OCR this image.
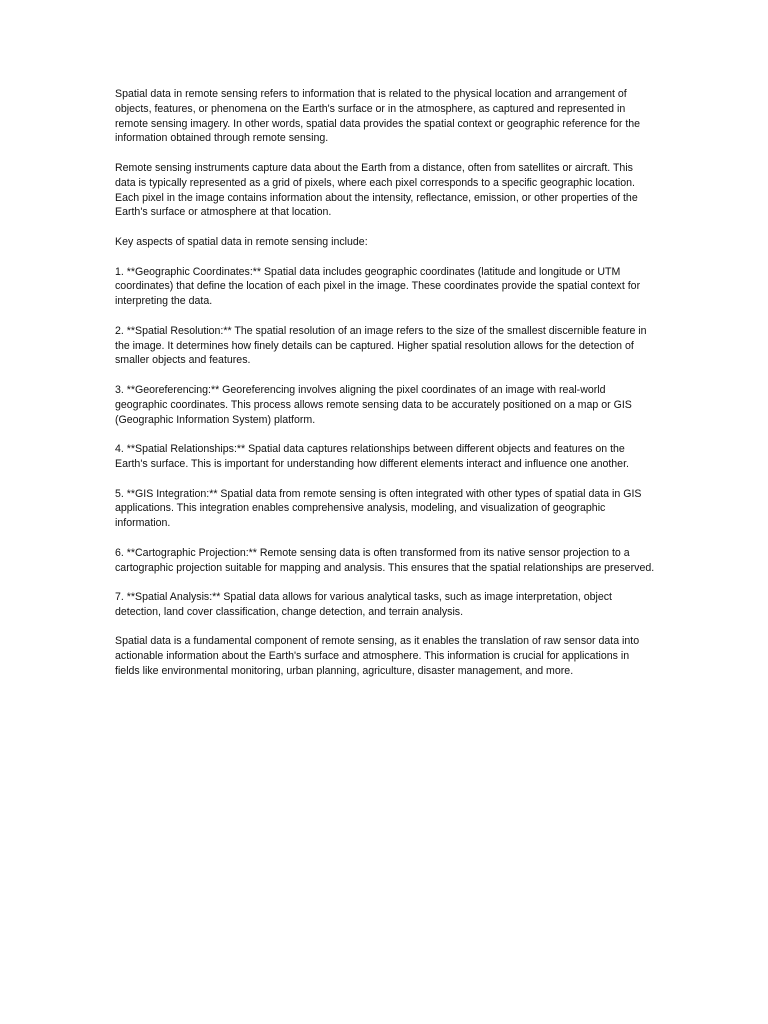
Spatial data in remote sensing refers to information that is related to the physical location and arrangement of objects, features, or phenomena on the Earth's surface or in the atmosphere, as captured and represented in remote sensing imagery. In other words, spatial data provides the spatial context or geographic reference for the information obtained through remote sensing.

Remote sensing instruments capture data about the Earth from a distance, often from satellites or aircraft. This data is typically represented as a grid of pixels, where each pixel corresponds to a specific geographic location. Each pixel in the image contains information about the intensity, reflectance, emission, or other properties of the Earth's surface or atmosphere at that location.

Key aspects of spatial data in remote sensing include:

1. **Geographic Coordinates:** Spatial data includes geographic coordinates (latitude and longitude or UTM coordinates) that define the location of each pixel in the image. These coordinates provide the spatial context for interpreting the data.

2. **Spatial Resolution:** The spatial resolution of an image refers to the size of the smallest discernible feature in the image. It determines how finely details can be captured. Higher spatial resolution allows for the detection of smaller objects and features.

3. **Georeferencing:** Georeferencing involves aligning the pixel coordinates of an image with real-world geographic coordinates. This process allows remote sensing data to be accurately positioned on a map or GIS (Geographic Information System) platform.

4. **Spatial Relationships:** Spatial data captures relationships between different objects and features on the Earth's surface. This is important for understanding how different elements interact and influence one another.

5. **GIS Integration:** Spatial data from remote sensing is often integrated with other types of spatial data in GIS applications. This integration enables comprehensive analysis, modeling, and visualization of geographic information.

6. **Cartographic Projection:** Remote sensing data is often transformed from its native sensor projection to a cartographic projection suitable for mapping and analysis. This ensures that the spatial relationships are preserved.

7. **Spatial Analysis:** Spatial data allows for various analytical tasks, such as image interpretation, object detection, land cover classification, change detection, and terrain analysis.

Spatial data is a fundamental component of remote sensing, as it enables the translation of raw sensor data into actionable information about the Earth's surface and atmosphere. This information is crucial for applications in fields like environmental monitoring, urban planning, agriculture, disaster management, and more.
